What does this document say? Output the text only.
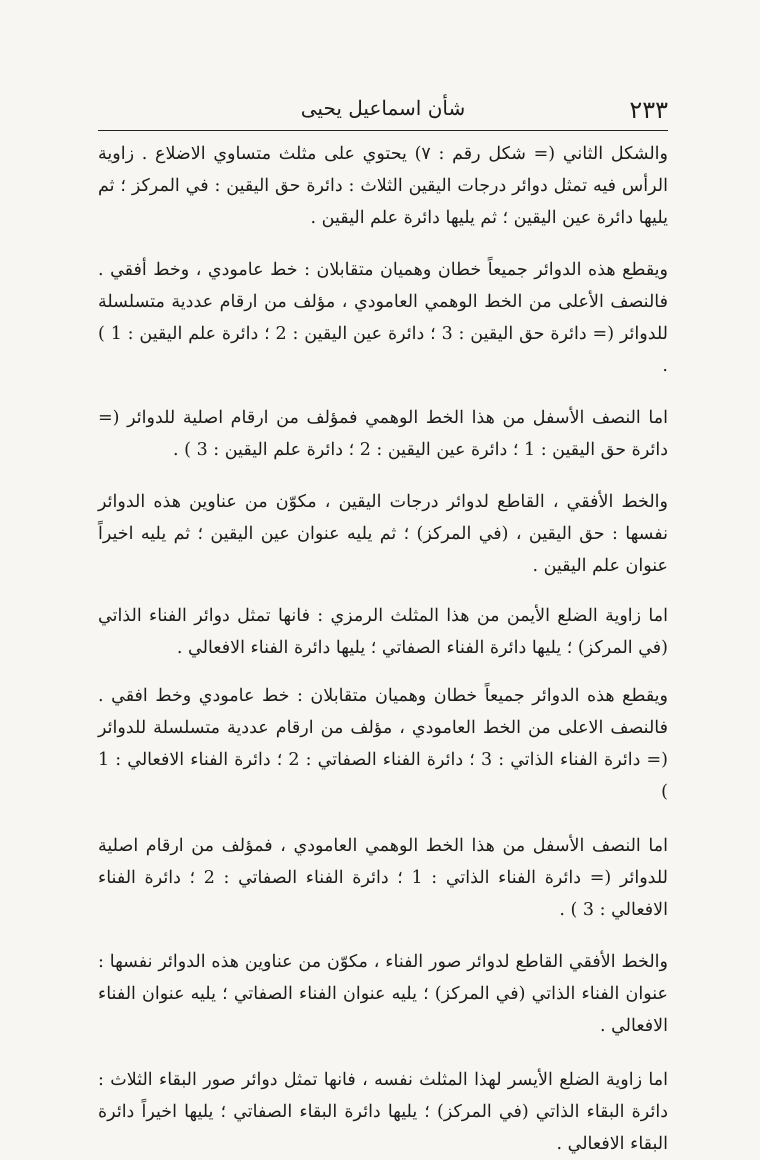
٢٣٣
شأن اسماعيل يحيى

والشكل الثاني (= شكل رقم : ٧) يحتوي على مثلث متساوي الاضلاع . زاوية الرأس فيه تمثل دوائر درجات اليقين الثلاث : دائرة حق اليقين : في المركز ؛ ثم يليها دائرة عين اليقين ؛ ثم يليها دائرة علم اليقين .

ويقطع هذه الدوائر جميعاً خطان وهميان متقابلان : خط عامودي ، وخط أفقي . فالنصف الأعلى من الخط الوهمي العامودي ، مؤلف من ارقام عددية متسلسلة للدوائر (= دائرة حق اليقين : 3 ؛ دائرة عين اليقين : 2 ؛ دائرة علم اليقين : 1 ) .

اما النصف الأسفل من هذا الخط الوهمي فمؤلف من ارقام اصلية للدوائر (= دائرة حق اليقين : 1 ؛ دائرة عين اليقين : 2 ؛ دائرة علم اليقين : 3 ) .

والخط الأفقي ، القاطع لدوائر درجات اليقين ، مكوّن من عناوين هذه الدوائر نفسها : حق اليقين ، (في المركز) ؛ ثم يليه عنوان عين اليقين ؛ ثم يليه اخيراً عنوان علم اليقين .

اما زاوية الضلع الأيمن من هذا المثلث الرمزي : فانها تمثل دوائر الفناء الذاتي (في المركز) ؛ يليها دائرة الفناء الصفاتي ؛ يليها دائرة الفناء الافعالي .

ويقطع هذه الدوائر جميعاً خطان وهميان متقابلان : خط عامودي وخط افقي . فالنصف الاعلى من الخط العامودي ، مؤلف من ارقام عددية متسلسلة للدوائر (= دائرة الفناء الذاتي : 3 ؛ دائرة الفناء الصفاتي : 2 ؛ دائرة الفناء الافعالي : 1 )

اما النصف الأسفل من هذا الخط الوهمي العامودي ، فمؤلف من ارقام اصلية للدوائر (= دائرة الفناء الذاتي : 1 ؛ دائرة الفناء الصفاتي : 2 ؛ دائرة الفناء الافعالي : 3 ) .

والخط الأفقي القاطع لدوائر صور الفناء ، مكوّن من عناوين هذه الدوائر نفسها : عنوان الفناء الذاتي (في المركز) ؛ يليه عنوان الفناء الصفاتي ؛ يليه عنوان الفناء الافعالي .

اما زاوية الضلع الأيسر لهذا المثلث نفسه ، فانها تمثل دوائر صور البقاء الثلاث : دائرة البقاء الذاتي (في المركز) ؛ يليها دائرة البقاء الصفاتي ؛ يليها اخيراً دائرة البقاء الافعالي .
